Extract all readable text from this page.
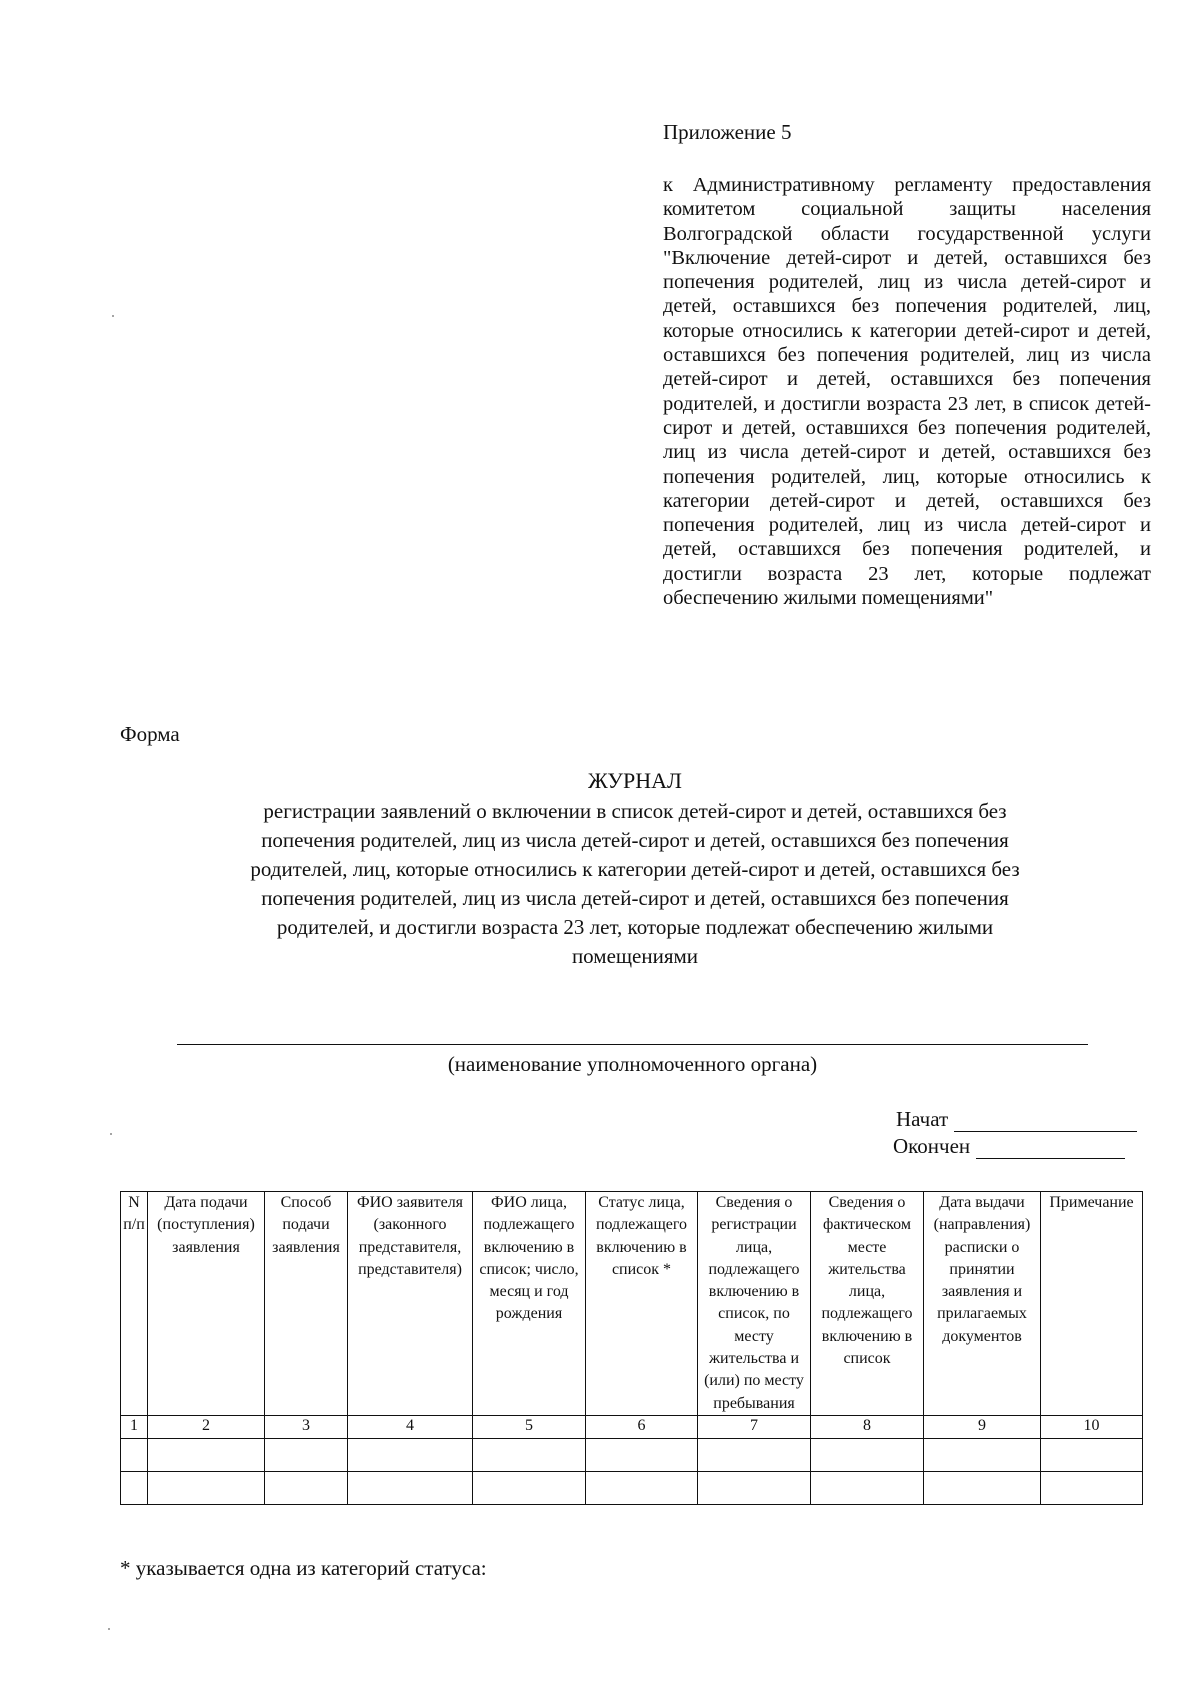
Приложение 5
к Административному регламенту предоставления комитетом социальной защиты населения Волгоградской области государственной услуги "Включение детей-сирот и детей, оставшихся без попечения родителей, лиц из числа детей-сирот и детей, оставшихся без попечения родителей, лиц, которые относились к категории детей-сирот и детей, оставшихся без попечения родителей, лиц из числа детей-сирот и детей, оставшихся без попечения родителей, и достигли возраста 23 лет, в список детей-сирот и детей, оставшихся без попечения родителей, лиц из числа детей-сирот и детей, оставшихся без попечения родителей, лиц, которые относились к категории детей-сирот и детей, оставшихся без попечения родителей, лиц из числа детей-сирот и детей, оставшихся без попечения родителей, и достигли возраста 23 лет, которые подлежат обеспечению жилыми помещениями"
Форма
ЖУРНАЛ
регистрации заявлений о включении в список детей-сирот и детей, оставшихся без попечения родителей, лиц из числа детей-сирот и детей, оставшихся без попечения родителей, лиц, которые относились к категории детей-сирот и детей, оставшихся без попечения родителей, лиц из числа детей-сирот и детей, оставшихся без попечения родителей, и достигли возраста 23 лет, которые подлежат обеспечению жилыми помещениями
(наименование уполномоченного органа)
Начат
Окончен
N п/п	Дата подачи (поступления) заявления	Способ подачи заявления	ФИО заявителя (законного представителя, представителя)	ФИО лица, подлежащего включению в список; число, месяц и год рождения	Статус лица, подлежащего включению в список *	Сведения о регистрации лица, подлежащего включению в список, по месту жительства и (или) по месту пребывания	Сведения о фактическом месте жительства лица, подлежащего включению в список	Дата выдачи (направления) расписки о принятии заявления и прилагаемых документов	Примечание
1	2	3	4	5	6	7	8	9	10

* указывается одна из категорий статуса:
